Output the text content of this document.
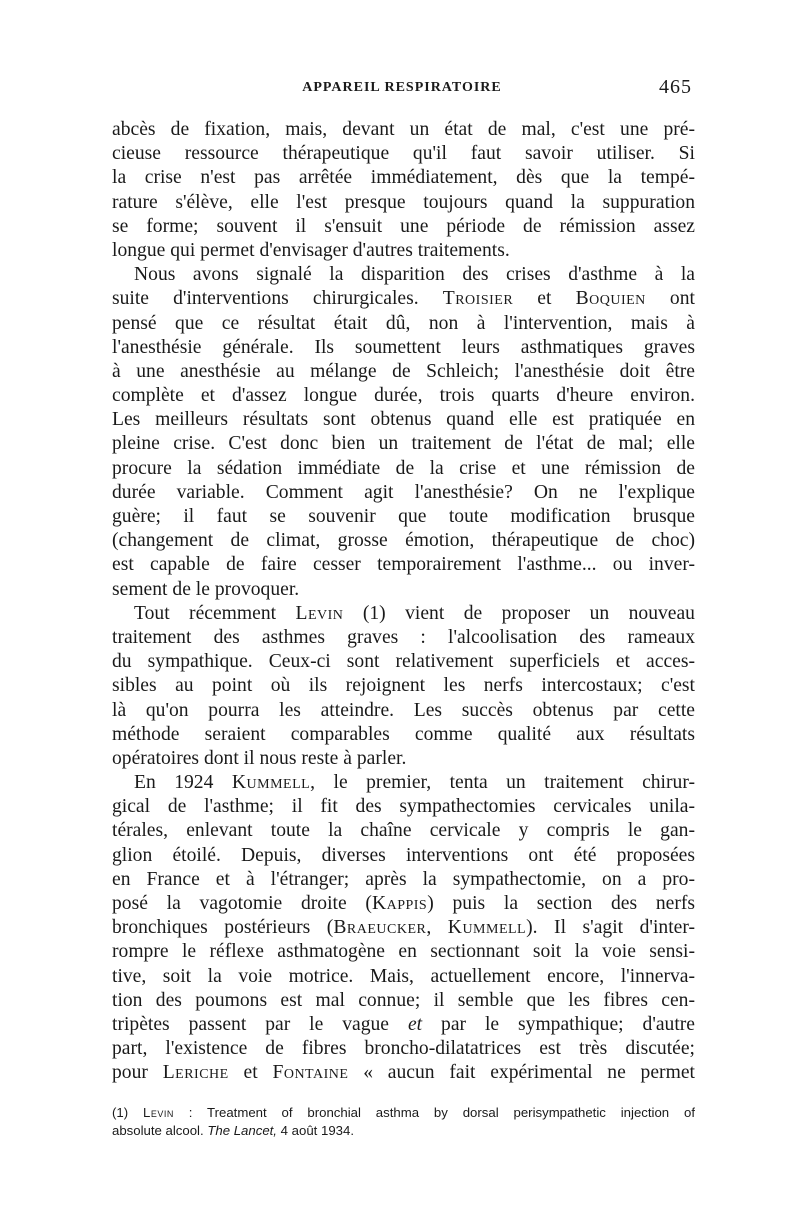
APPAREIL RESPIRATOIRE	465
abcès de fixation, mais, devant un état de mal, c'est une pré-
cieuse ressource thérapeutique qu'il faut savoir utiliser. Si
la crise n'est pas arrêtée immédiatement, dès que la tempé-
rature s'élève, elle l'est presque toujours quand la suppuration
se forme; souvent il s'ensuit une période de rémission assez
longue qui permet d'envisager d'autres traitements.
Nous avons signalé la disparition des crises d'asthme à la
suite d'interventions chirurgicales. Troisier et Boquien ont
pensé que ce résultat était dû, non à l'intervention, mais à
l'anesthésie générale. Ils soumettent leurs asthmatiques graves
à une anesthésie au mélange de Schleich; l'anesthésie doit être
complète et d'assez longue durée, trois quarts d'heure environ.
Les meilleurs résultats sont obtenus quand elle est pratiquée en
pleine crise. C'est donc bien un traitement de l'état de mal; elle
procure la sédation immédiate de la crise et une rémission de
durée variable. Comment agit l'anesthésie? On ne l'explique
guère; il faut se souvenir que toute modification brusque
(changement de climat, grosse émotion, thérapeutique de choc)
est capable de faire cesser temporairement l'asthme... ou inver-
sement de le provoquer.
Tout récemment Levin (1) vient de proposer un nouveau
traitement des asthmes graves : l'alcoolisation des rameaux
du sympathique. Ceux-ci sont relativement superficiels et acces-
sibles au point où ils rejoignent les nerfs intercostaux; c'est
là qu'on pourra les atteindre. Les succès obtenus par cette
méthode seraient comparables comme qualité aux résultats
opératoires dont il nous reste à parler.
En 1924 Kummell, le premier, tenta un traitement chirur-
gical de l'asthme; il fit des sympathectomies cervicales unila-
térales, enlevant toute la chaîne cervicale y compris le gan-
glion étoilé. Depuis, diverses interventions ont été proposées
en France et à l'étranger; après la sympathectomie, on a pro-
posé la vagotomie droite (Kappis) puis la section des nerfs
bronchiques postérieurs (Braeucker, Kummell). Il s'agit d'inter-
rompre le réflexe asthmatogène en sectionnant soit la voie sensi-
tive, soit la voie motrice. Mais, actuellement encore, l'innerva-
tion des poumons est mal connue; il semble que les fibres cen-
tripètes passent par le vague et par le sympathique; d'autre
part, l'existence de fibres broncho-dilatatrices est très discutée;
pour Leriche et Fontaine « aucun fait expérimental ne permet
(1) Levin : Treatment of bronchial asthma by dorsal perisympathetic injection of
absolute alcool. The Lancet, 4 août 1934.
